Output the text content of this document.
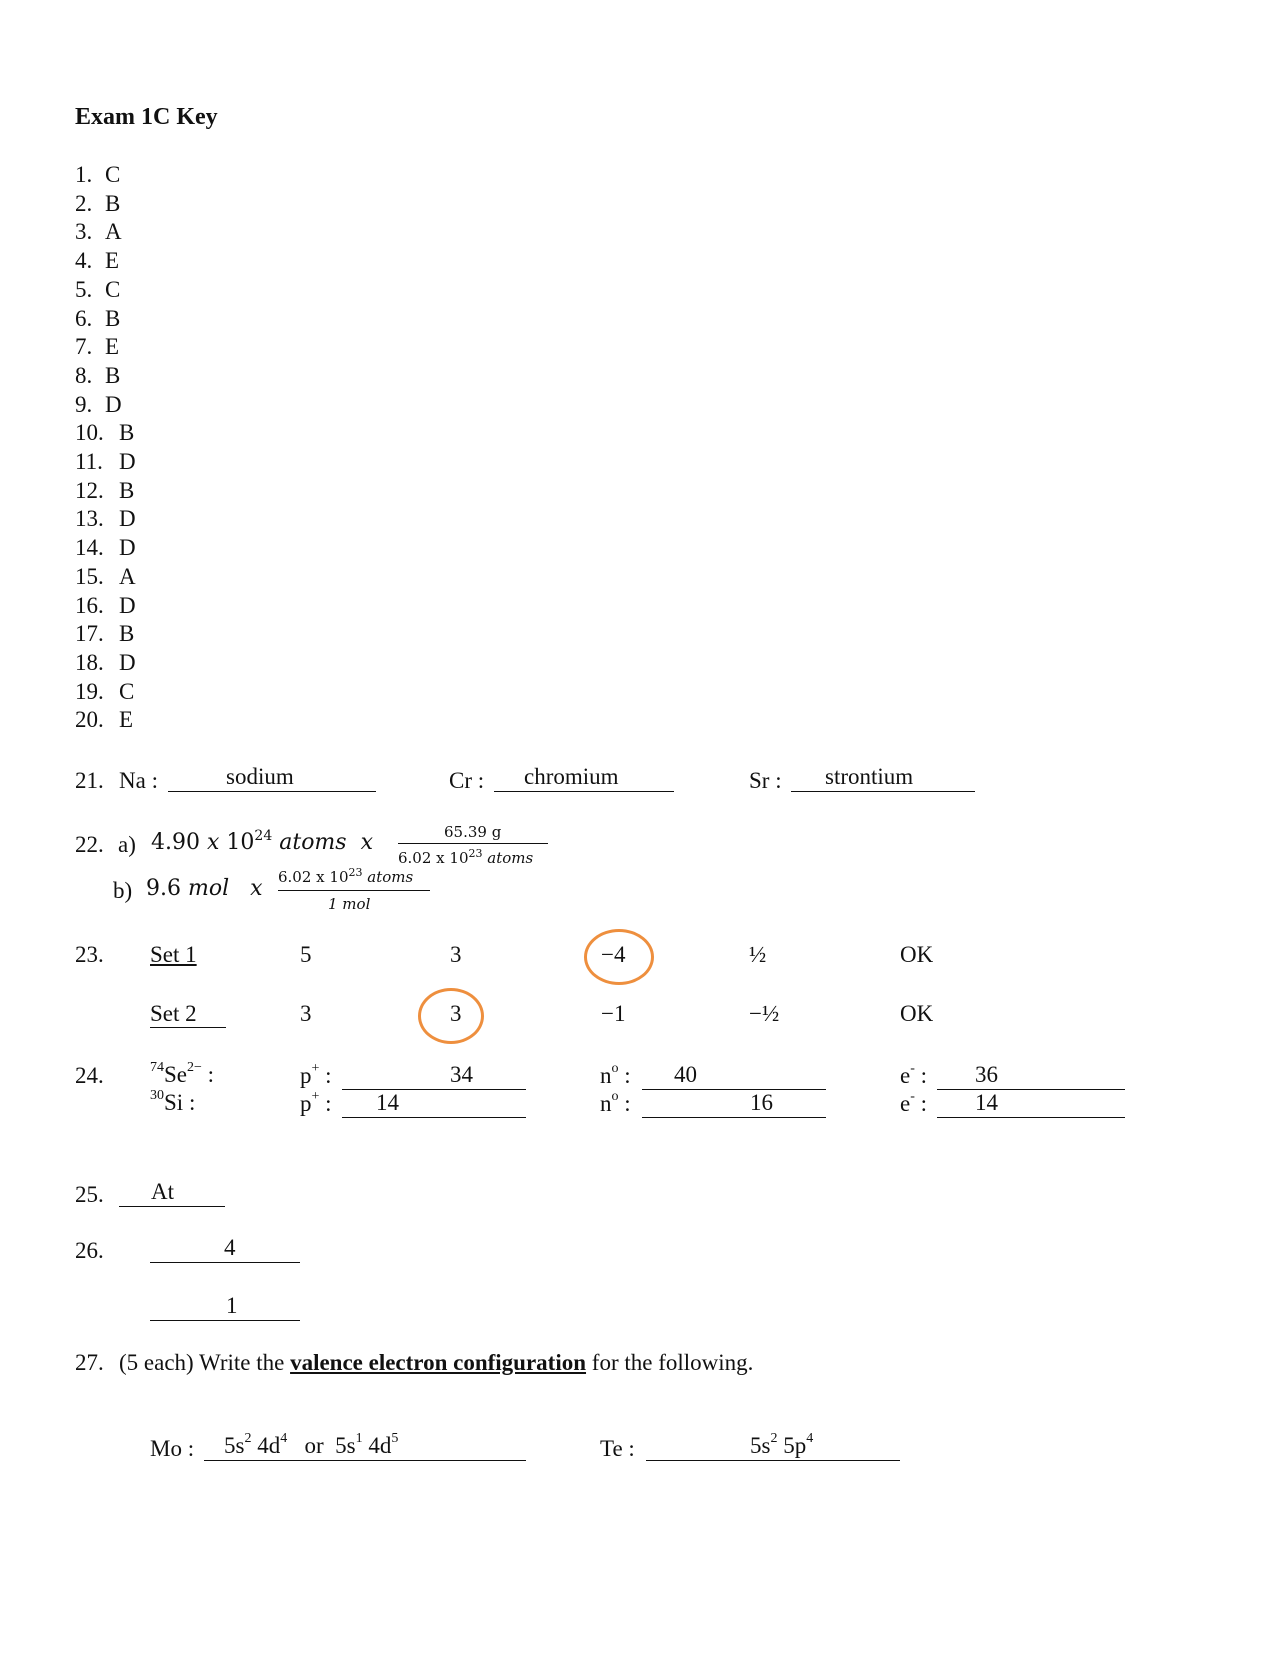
Exam 1C Key
1. C
2. B
3. A
4. E
5. C
6. B
7. E
8. B
9. D
10. B
11. D
12. B
13. D
14. D
15. A
16. D
17. B
18. D
19. C
20. E
21. Na :	sodium	Cr : chromium	Sr : strontium
22. a) 4.90 x $10^{24}$ atoms x	65.39 g
6.02 x $10^{23}$ atoms
b) 9.6 mol x 6.02 x $10^{23}$ atoms
1 mol
23. Set 1	5	3	−4	½	OK
Set 2	3	3	−1	−½	OK
24.	$^{74}Se^{2-}$ :	p+ :	34	$n^o$ : 40	e- : 36
$^{30}$Si :	p+ : 14	$n^o$ :	16	e- : 14
25. At
26.	4
1
27. (5 each) Write the valence electron configuration for the following.
Mo : $5s^2$ $4d^4$   or  $5s^1$ $4d^5$	Te :	$5s^2$ $5p^4$
